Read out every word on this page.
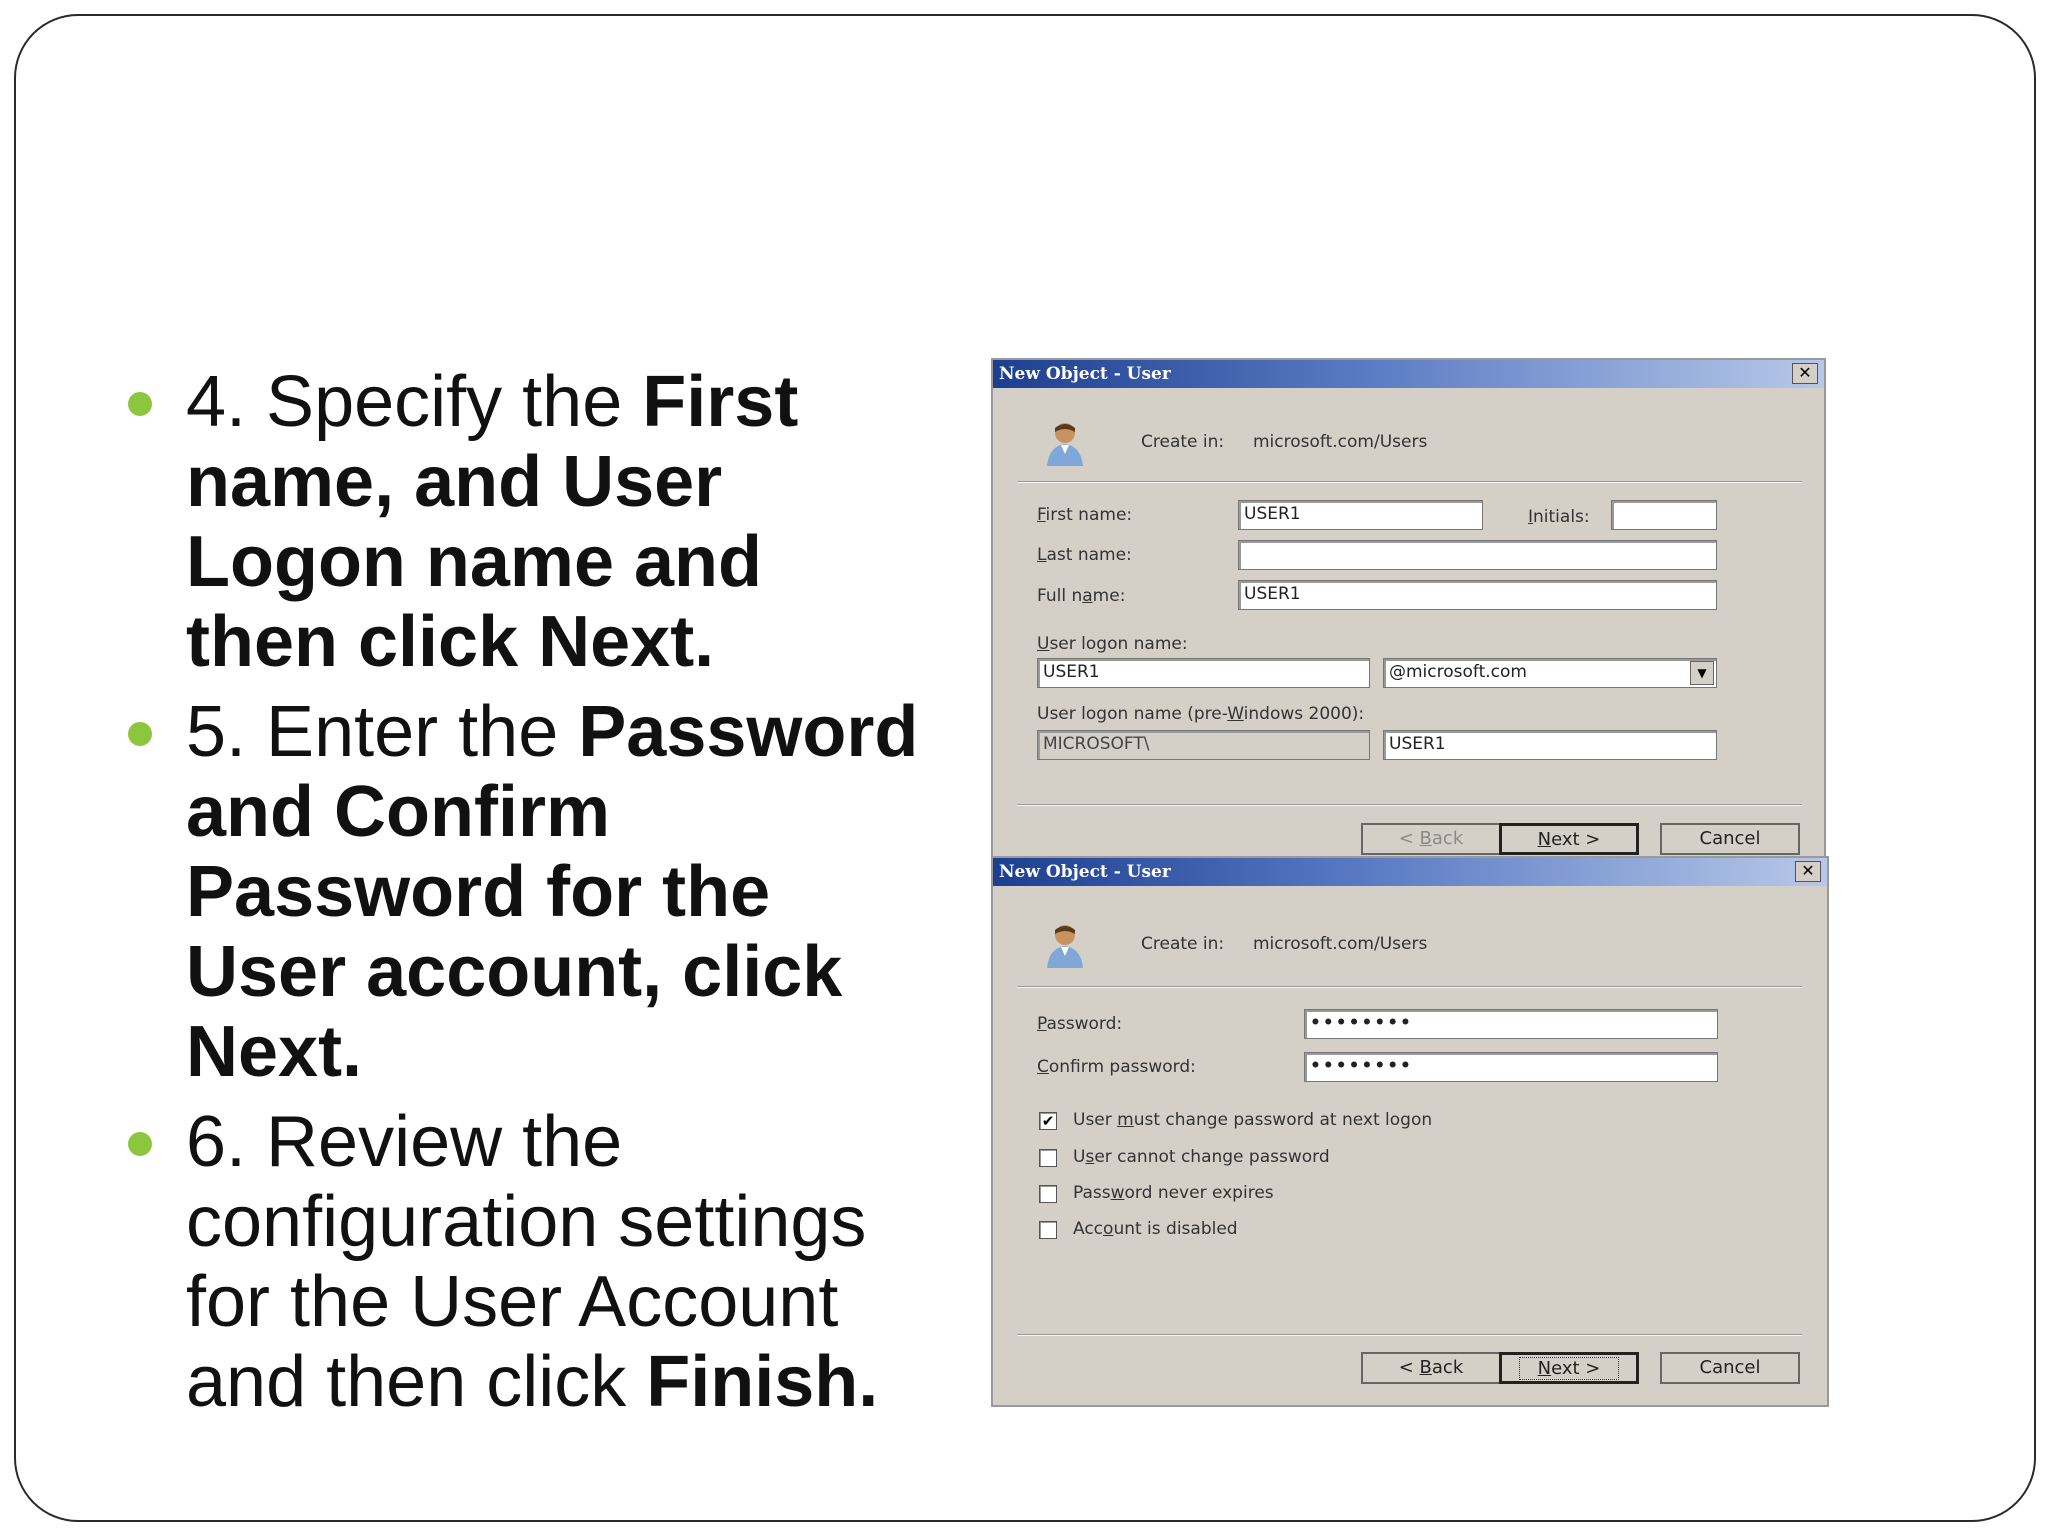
4. Specify the First name, and User Logon name and then click Next.
5. Enter the Password and Confirm Password for the User account, click Next.
6. Review the configuration settings for the User Account and then click Finish.
New Object - User	✕
Create in: microsoft.com/Users
First name:	USER1	Initials:
Last name:
Full name:	USER1
User logon name:
USER1	@microsoft.com	▼
User logon name (pre-Windows 2000):
MICROSOFT\	USER1
< Back	Next >	Cancel
New Object - User	✕
Create in: microsoft.com/Users
Password:	••••••••
Confirm password:	••••••••
✔ User must change password at next logon
User cannot change password
Password never expires
Account is disabled
< Back	Next >	Cancel
